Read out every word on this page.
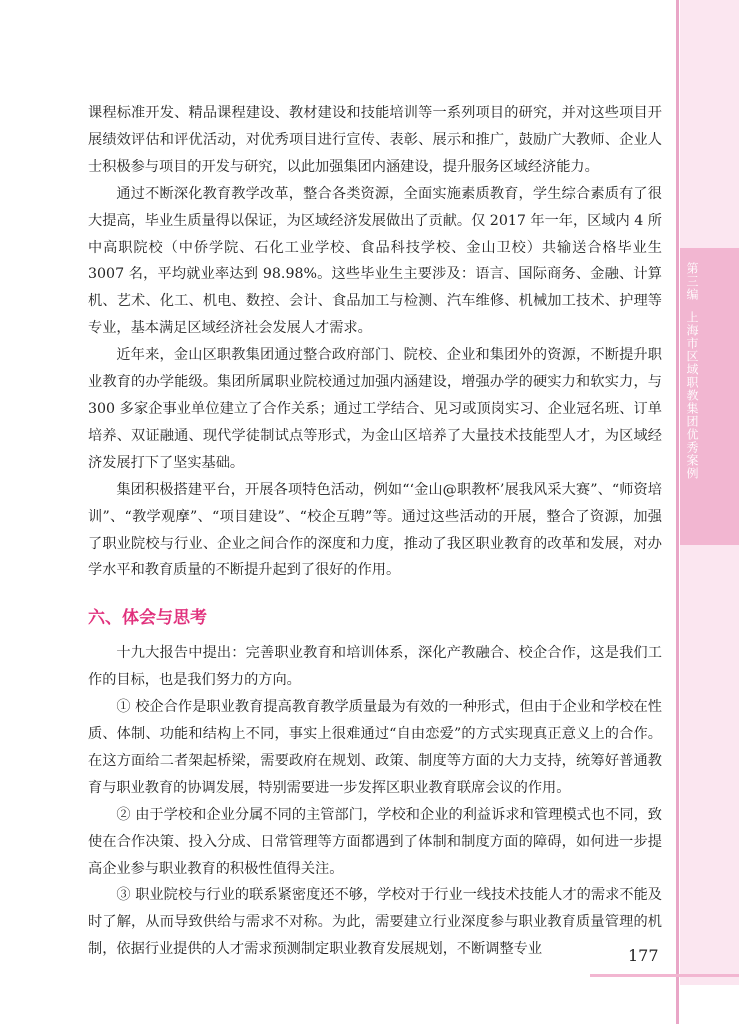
第三编上海市区域职教集团优秀案例

课程标准开发、精品课程建设、教材建设和技能培训等一系列项目的研究，并对这些项目开展绩效评估和评优活动，对优秀项目进行宣传、表彰、展示和推广，鼓励广大教师、企业人士积极参与项目的开发与研究，以此加强集团内涵建设，提升服务区域经济能力。

通过不断深化教育教学改革，整合各类资源，全面实施素质教育，学生综合素质有了很大提高，毕业生质量得以保证，为区域经济发展做出了贡献。仅 2017 年一年，区域内 4 所中高职院校（中侨学院、石化工业学校、食品科技学校、金山卫校）共输送合格毕业生 3007 名，平均就业率达到 98.98%。这些毕业生主要涉及：语言、国际商务、金融、计算机、艺术、化工、机电、数控、会计、食品加工与检测、汽车维修、机械加工技术、护理等专业，基本满足区域经济社会发展人才需求。

近年来，金山区职教集团通过整合政府部门、院校、企业和集团外的资源，不断提升职业教育的办学能级。集团所属职业院校通过加强内涵建设，增强办学的硬实力和软实力，与 300 多家企事业单位建立了合作关系；通过工学结合、见习或顶岗实习、企业冠名班、订单培养、双证融通、现代学徒制试点等形式，为金山区培养了大量技术技能型人才，为区域经济发展打下了坚实基础。

集团积极搭建平台，开展各项特色活动，例如“‘金山@职教杯’展我风采大赛”、“师资培训”、“教学观摩”、“项目建设”、“校企互聘”等。通过这些活动的开展，整合了资源，加强了职业院校与行业、企业之间合作的深度和力度，推动了我区职业教育的改革和发展，对办学水平和教育质量的不断提升起到了很好的作用。

六、体会与思考

十九大报告中提出：完善职业教育和培训体系，深化产教融合、校企合作，这是我们工作的目标，也是我们努力的方向。

① 校企合作是职业教育提高教育教学质量最为有效的一种形式，但由于企业和学校在性质、体制、功能和结构上不同，事实上很难通过“自由恋爱”的方式实现真正意义上的合作。在这方面给二者架起桥梁，需要政府在规划、政策、制度等方面的大力支持，统筹好普通教育与职业教育的协调发展，特别需要进一步发挥区职业教育联席会议的作用。

② 由于学校和企业分属不同的主管部门，学校和企业的利益诉求和管理模式也不同，致使在合作决策、投入分成、日常管理等方面都遇到了体制和制度方面的障碍，如何进一步提高企业参与职业教育的积极性值得关注。

③ 职业院校与行业的联系紧密度还不够，学校对于行业一线技术技能人才的需求不能及时了解，从而导致供给与需求不对称。为此，需要建立行业深度参与职业教育质量管理的机制，依据行业提供的人才需求预测制定职业教育发展规划，不断调整专业	177
